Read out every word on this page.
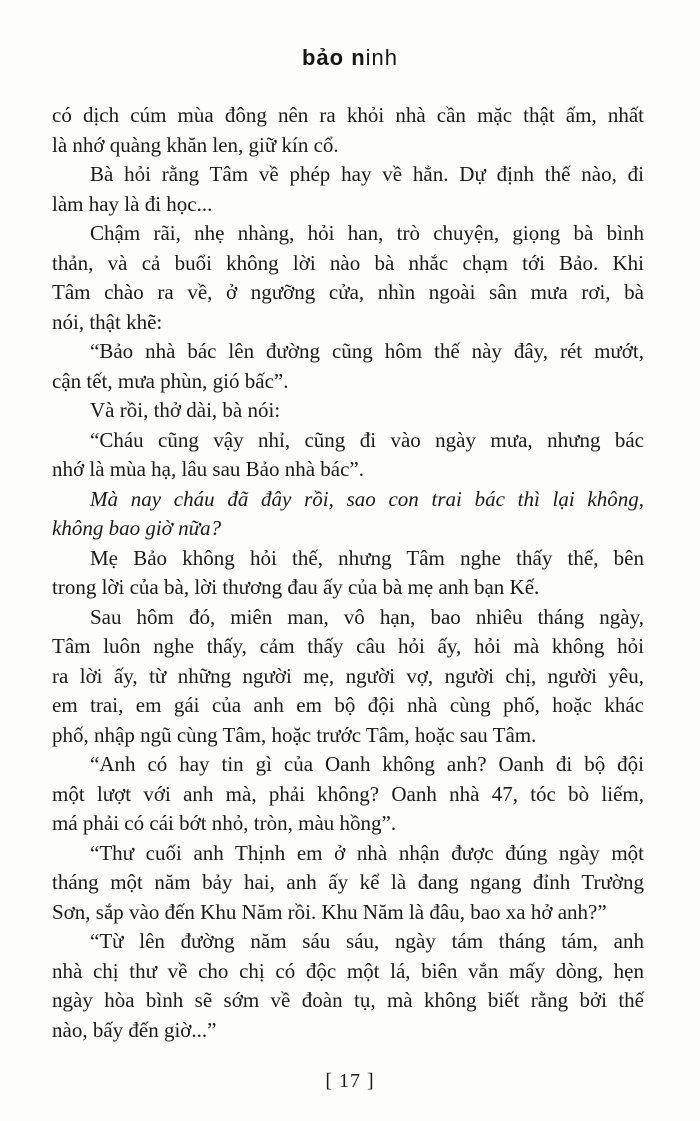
bảo ninh
có dịch cúm mùa đông nên ra khỏi nhà cần mặc thật ấm, nhất
là nhớ quàng khăn len, giữ kín cổ.
Bà hỏi rằng Tâm về phép hay về hẳn. Dự định thế nào, đi
làm hay là đi học...
Chậm rãi, nhẹ nhàng, hỏi han, trò chuyện, giọng bà bình
thản, và cả buổi không lời nào bà nhắc chạm tới Bảo. Khi
Tâm chào ra về, ở ngưỡng cửa, nhìn ngoài sân mưa rơi, bà
nói, thật khẽ:
“Bảo nhà bác lên đường cũng hôm thế này đây, rét mướt,
cận tết, mưa phùn, gió bấc”.
Và rồi, thở dài, bà nói:
“Cháu cũng vậy nhỉ, cũng đi vào ngày mưa, nhưng bác
nhớ là mùa hạ, lâu sau Bảo nhà bác”.
Mà nay cháu đã đây rồi, sao con trai bác thì lại không,
không bao giờ nữa?
Mẹ Bảo không hỏi thế, nhưng Tâm nghe thấy thế, bên
trong lời của bà, lời thương đau ấy của bà mẹ anh bạn Kế.
Sau hôm đó, miên man, vô hạn, bao nhiêu tháng ngày,
Tâm luôn nghe thấy, cảm thấy câu hỏi ấy, hỏi mà không hỏi
ra lời ấy, từ những người mẹ, người vợ, người chị, người yêu,
em trai, em gái của anh em bộ đội nhà cùng phố, hoặc khác
phố, nhập ngũ cùng Tâm, hoặc trước Tâm, hoặc sau Tâm.
“Anh có hay tin gì của Oanh không anh? Oanh đi bộ đội
một lượt với anh mà, phải không? Oanh nhà 47, tóc bò liếm,
má phải có cái bớt nhỏ, tròn, màu hồng”.
“Thư cuối anh Thịnh em ở nhà nhận được đúng ngày một
tháng một năm bảy hai, anh ấy kể là đang ngang đỉnh Trường
Sơn, sắp vào đến Khu Năm rồi. Khu Năm là đâu, bao xa hở anh?”
“Từ lên đường năm sáu sáu, ngày tám tháng tám, anh
nhà chị thư về cho chị có độc một lá, biên vắn mấy dòng, hẹn
ngày hòa bình sẽ sớm về đoàn tụ, mà không biết rằng bởi thế
nào, bấy đến giờ...”
[ 17 ]
